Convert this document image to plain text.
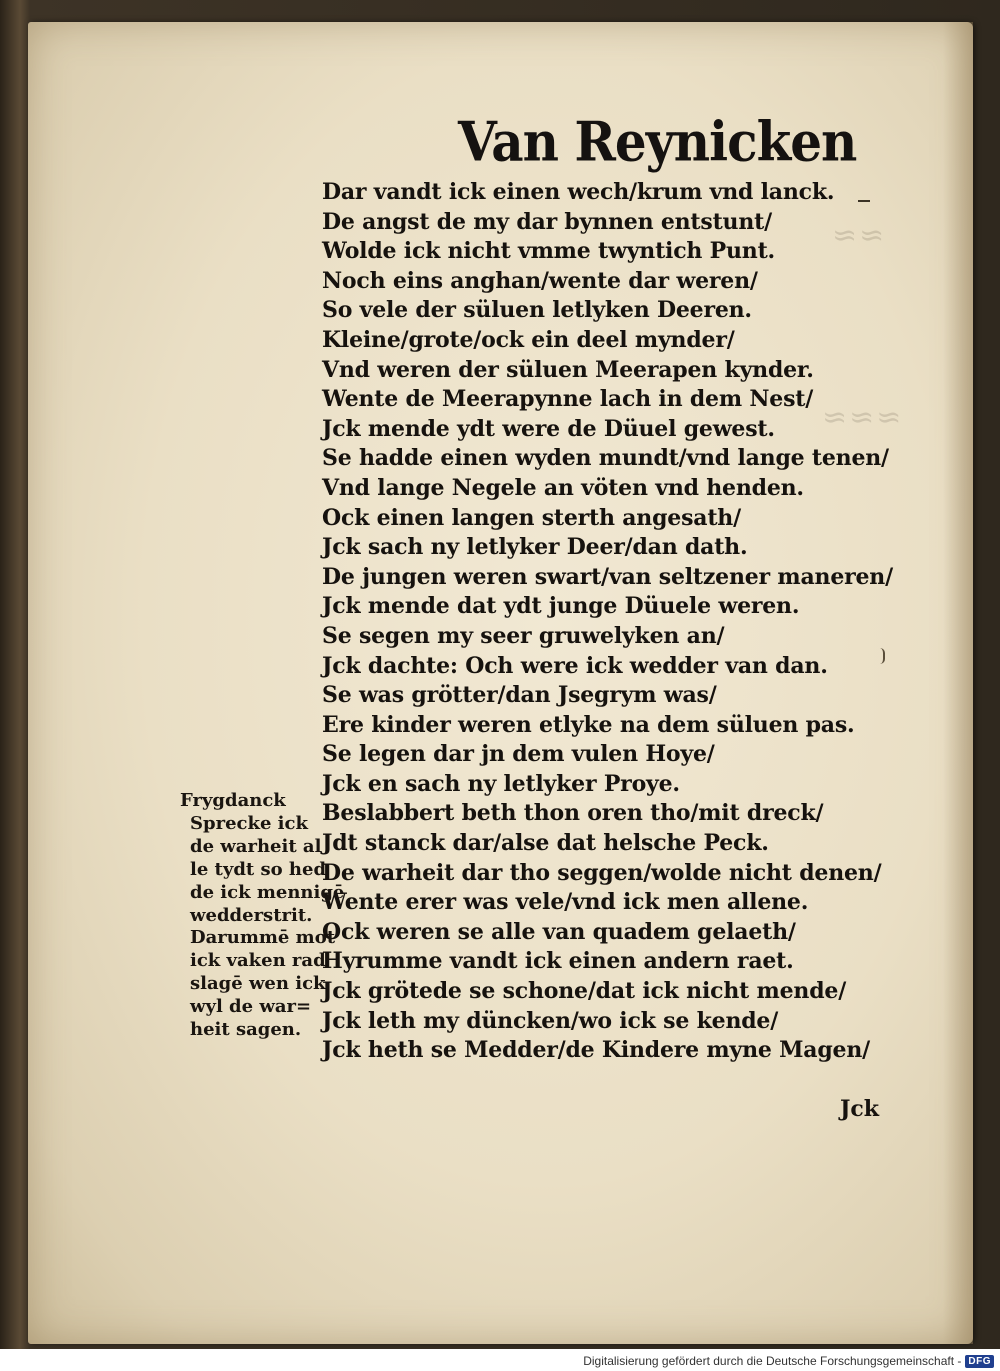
≈≈
≈≈≈
Van Reynicken
Dar vandt ick einen wech/krum vnd lanck.
De angst de my dar bynnen entstunt/
Wolde ick nicht vmme twyntich Punt.
Noch eins anghan/wente dar weren/
So vele der süluen letlyken Deeren.
Kleine/grote/ock ein deel mynder/
Vnd weren der süluen Meerapen kynder.
Wente de Meerapynne lach in dem Nest/
Jck mende ydt were de Düuel gewest.
Se hadde einen wyden mundt/vnd lange tenen/
Vnd lange Negele an vöten vnd henden.
Ock einen langen sterth angesath/
Jck sach ny letlyker Deer/dan dath.
De jungen weren swart/van seltzener maneren/
Jck mende dat ydt junge Düuele weren.
Se segen my seer gruwelyken an/
Jck dachte: Och were ick wedder van dan.
Se was grötter/dan Jsegrym was/
Ere kinder weren etlyke na dem süluen pas.
Se legen dar jn dem vulen Hoye/
Jck en sach ny letlyker Proye.
Beslabbert beth thon oren tho/mit dreck/
Jdt stanck dar/alse dat helsche Peck.
De warheit dar tho seggen/wolde nicht denen/
Wente erer was vele/vnd ick men allene.
Ock weren se alle van quadem gelaeth/
Hyrumme vandt ick einen andern raet.
Jck grötede se schone/dat ick nicht mende/
Jck leth my düncken/wo ick se kende/
Jck heth se Medder/de Kindere myne Magen/
Jck
Frygdanck
Sprecke ick
de warheit al
le tydt so hed
de ick mennigē
wedderstrit.
Darummē mot
ick vaken rad
slagē wen ick
wyl de war=
heit sagen.
Digitalisierung gefördert durch die Deutsche Forschungsgemeinschaft - DFG
